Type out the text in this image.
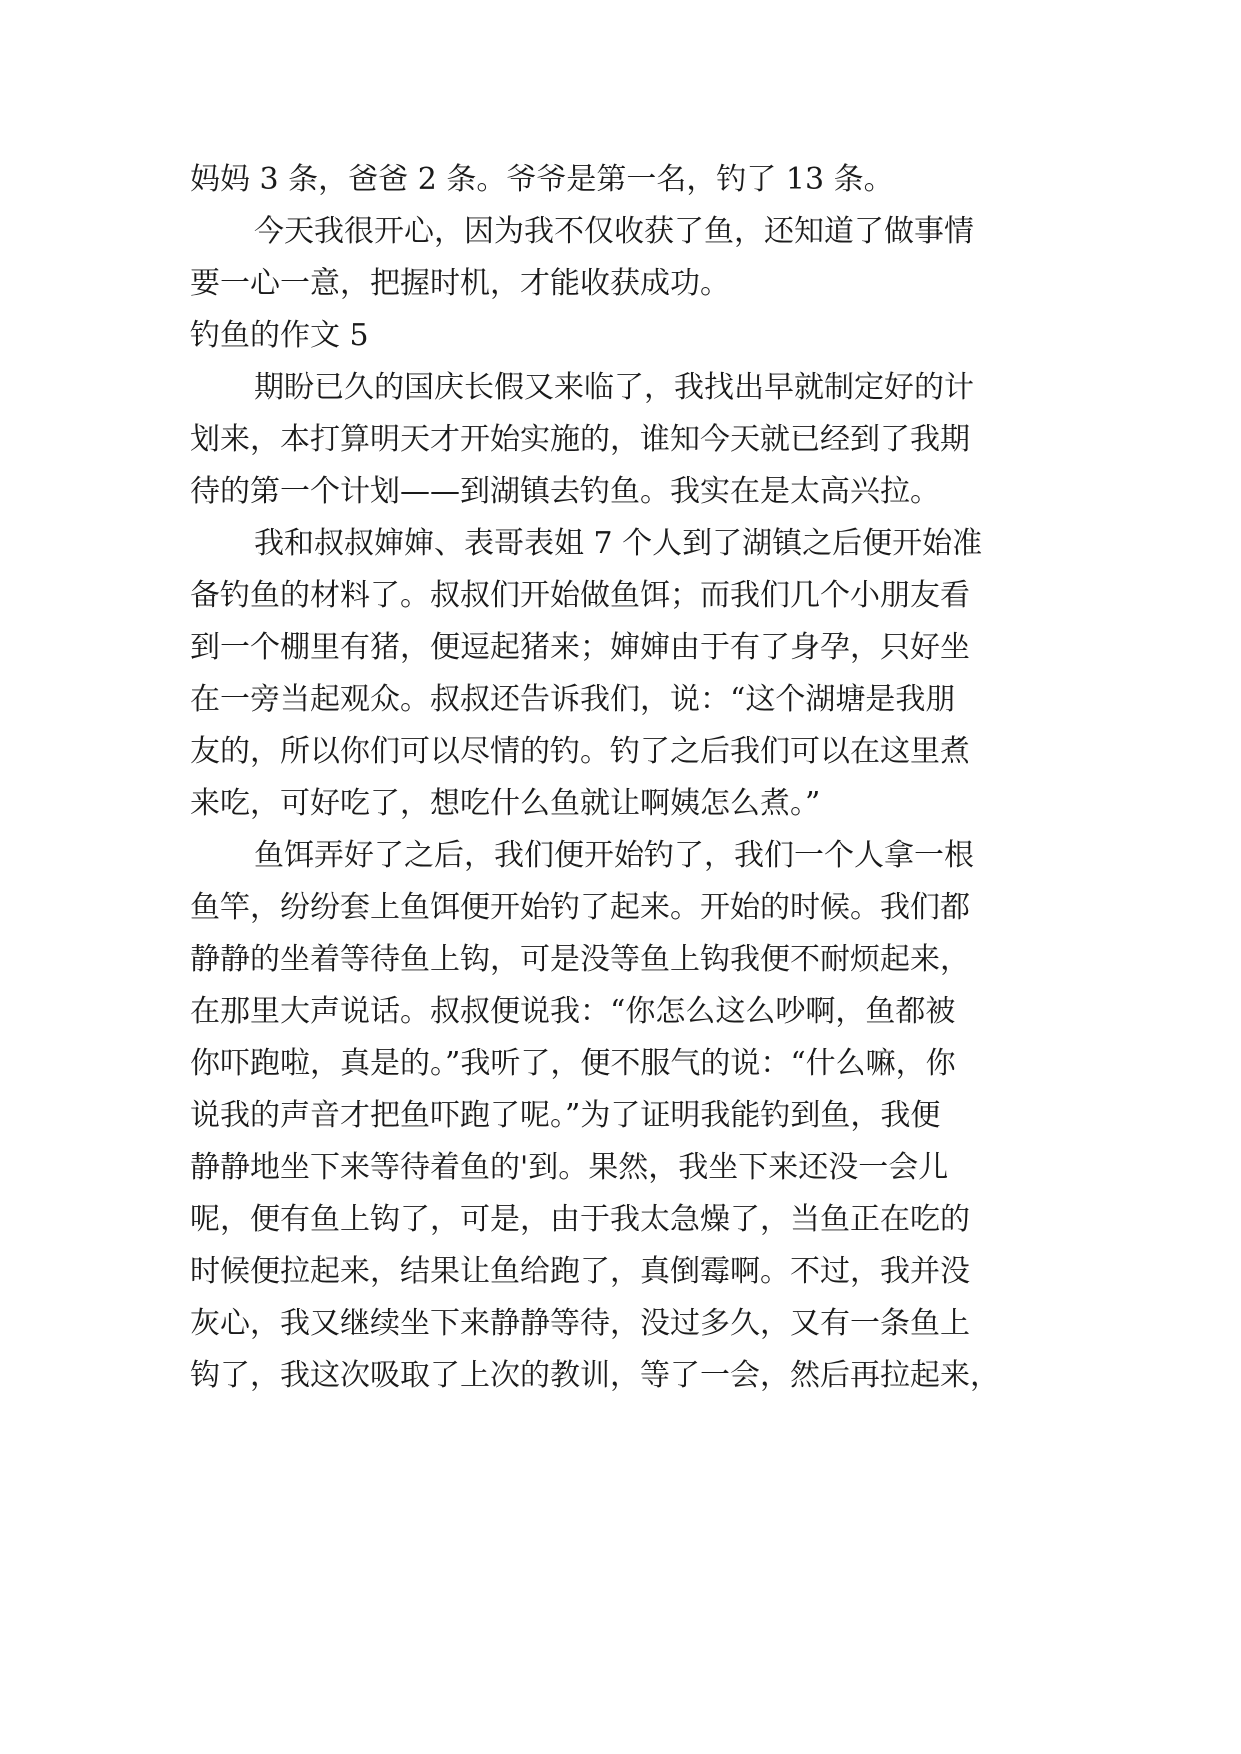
妈妈 3 条，爸爸 2 条。爷爷是第一名，钓了 13 条。
今天我很开心，因为我不仅收获了鱼，还知道了做事情
要一心一意，把握时机，才能收获成功。
钓鱼的作文 5
期盼已久的国庆长假又来临了，我找出早就制定好的计
划来，本打算明天才开始实施的，谁知今天就已经到了我期
待的第一个计划——到湖镇去钓鱼。我实在是太高兴拉。
我和叔叔婶婶、表哥表姐 7 个人到了湖镇之后便开始准
备钓鱼的材料了。叔叔们开始做鱼饵；而我们几个小朋友看
到一个棚里有猪，便逗起猪来；婶婶由于有了身孕，只好坐
在一旁当起观众。叔叔还告诉我们，说：“这个湖塘是我朋
友的，所以你们可以尽情的钓。钓了之后我们可以在这里煮
来吃，可好吃了，想吃什么鱼就让啊姨怎么煮。”
鱼饵弄好了之后，我们便开始钓了，我们一个人拿一根
鱼竿，纷纷套上鱼饵便开始钓了起来。开始的时候。我们都
静静的坐着等待鱼上钩，可是没等鱼上钩我便不耐烦起来，
在那里大声说话。叔叔便说我：“你怎么这么吵啊，鱼都被
你吓跑啦，真是的。”我听了，便不服气的说：“什么嘛，你
说我的声音才把鱼吓跑了呢。”为了证明我能钓到鱼，我便
静静地坐下来等待着鱼的'到。果然，我坐下来还没一会儿
呢，便有鱼上钩了，可是，由于我太急燥了，当鱼正在吃的
时候便拉起来，结果让鱼给跑了，真倒霉啊。不过，我并没
灰心，我又继续坐下来静静等待，没过多久，又有一条鱼上
钩了，我这次吸取了上次的教训，等了一会，然后再拉起来，
